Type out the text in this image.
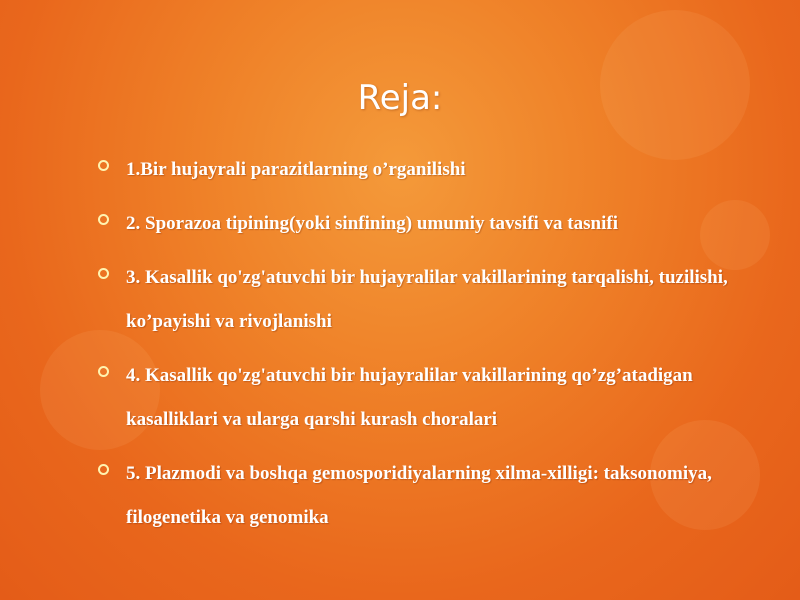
Reja:
1.Bir hujayrali parazitlarning o’rganilishi
2. Sporazoa tipining(yoki sinfining) umumiy tavsifi va tasnifi
3. Kasallik qo'zg'atuvchi bir hujayralilar vakillarining tarqalishi, tuzilishi, ko’payishi va rivojlanishi
4. Kasallik qo'zg'atuvchi bir hujayralilar vakillarining qo’zg’atadigan kasalliklari va ularga qarshi kurash choralari
5. Plazmodi va boshqa gemosporidiyalarning xilma-xilligi: taksonomiya, filogenetika va genomika
